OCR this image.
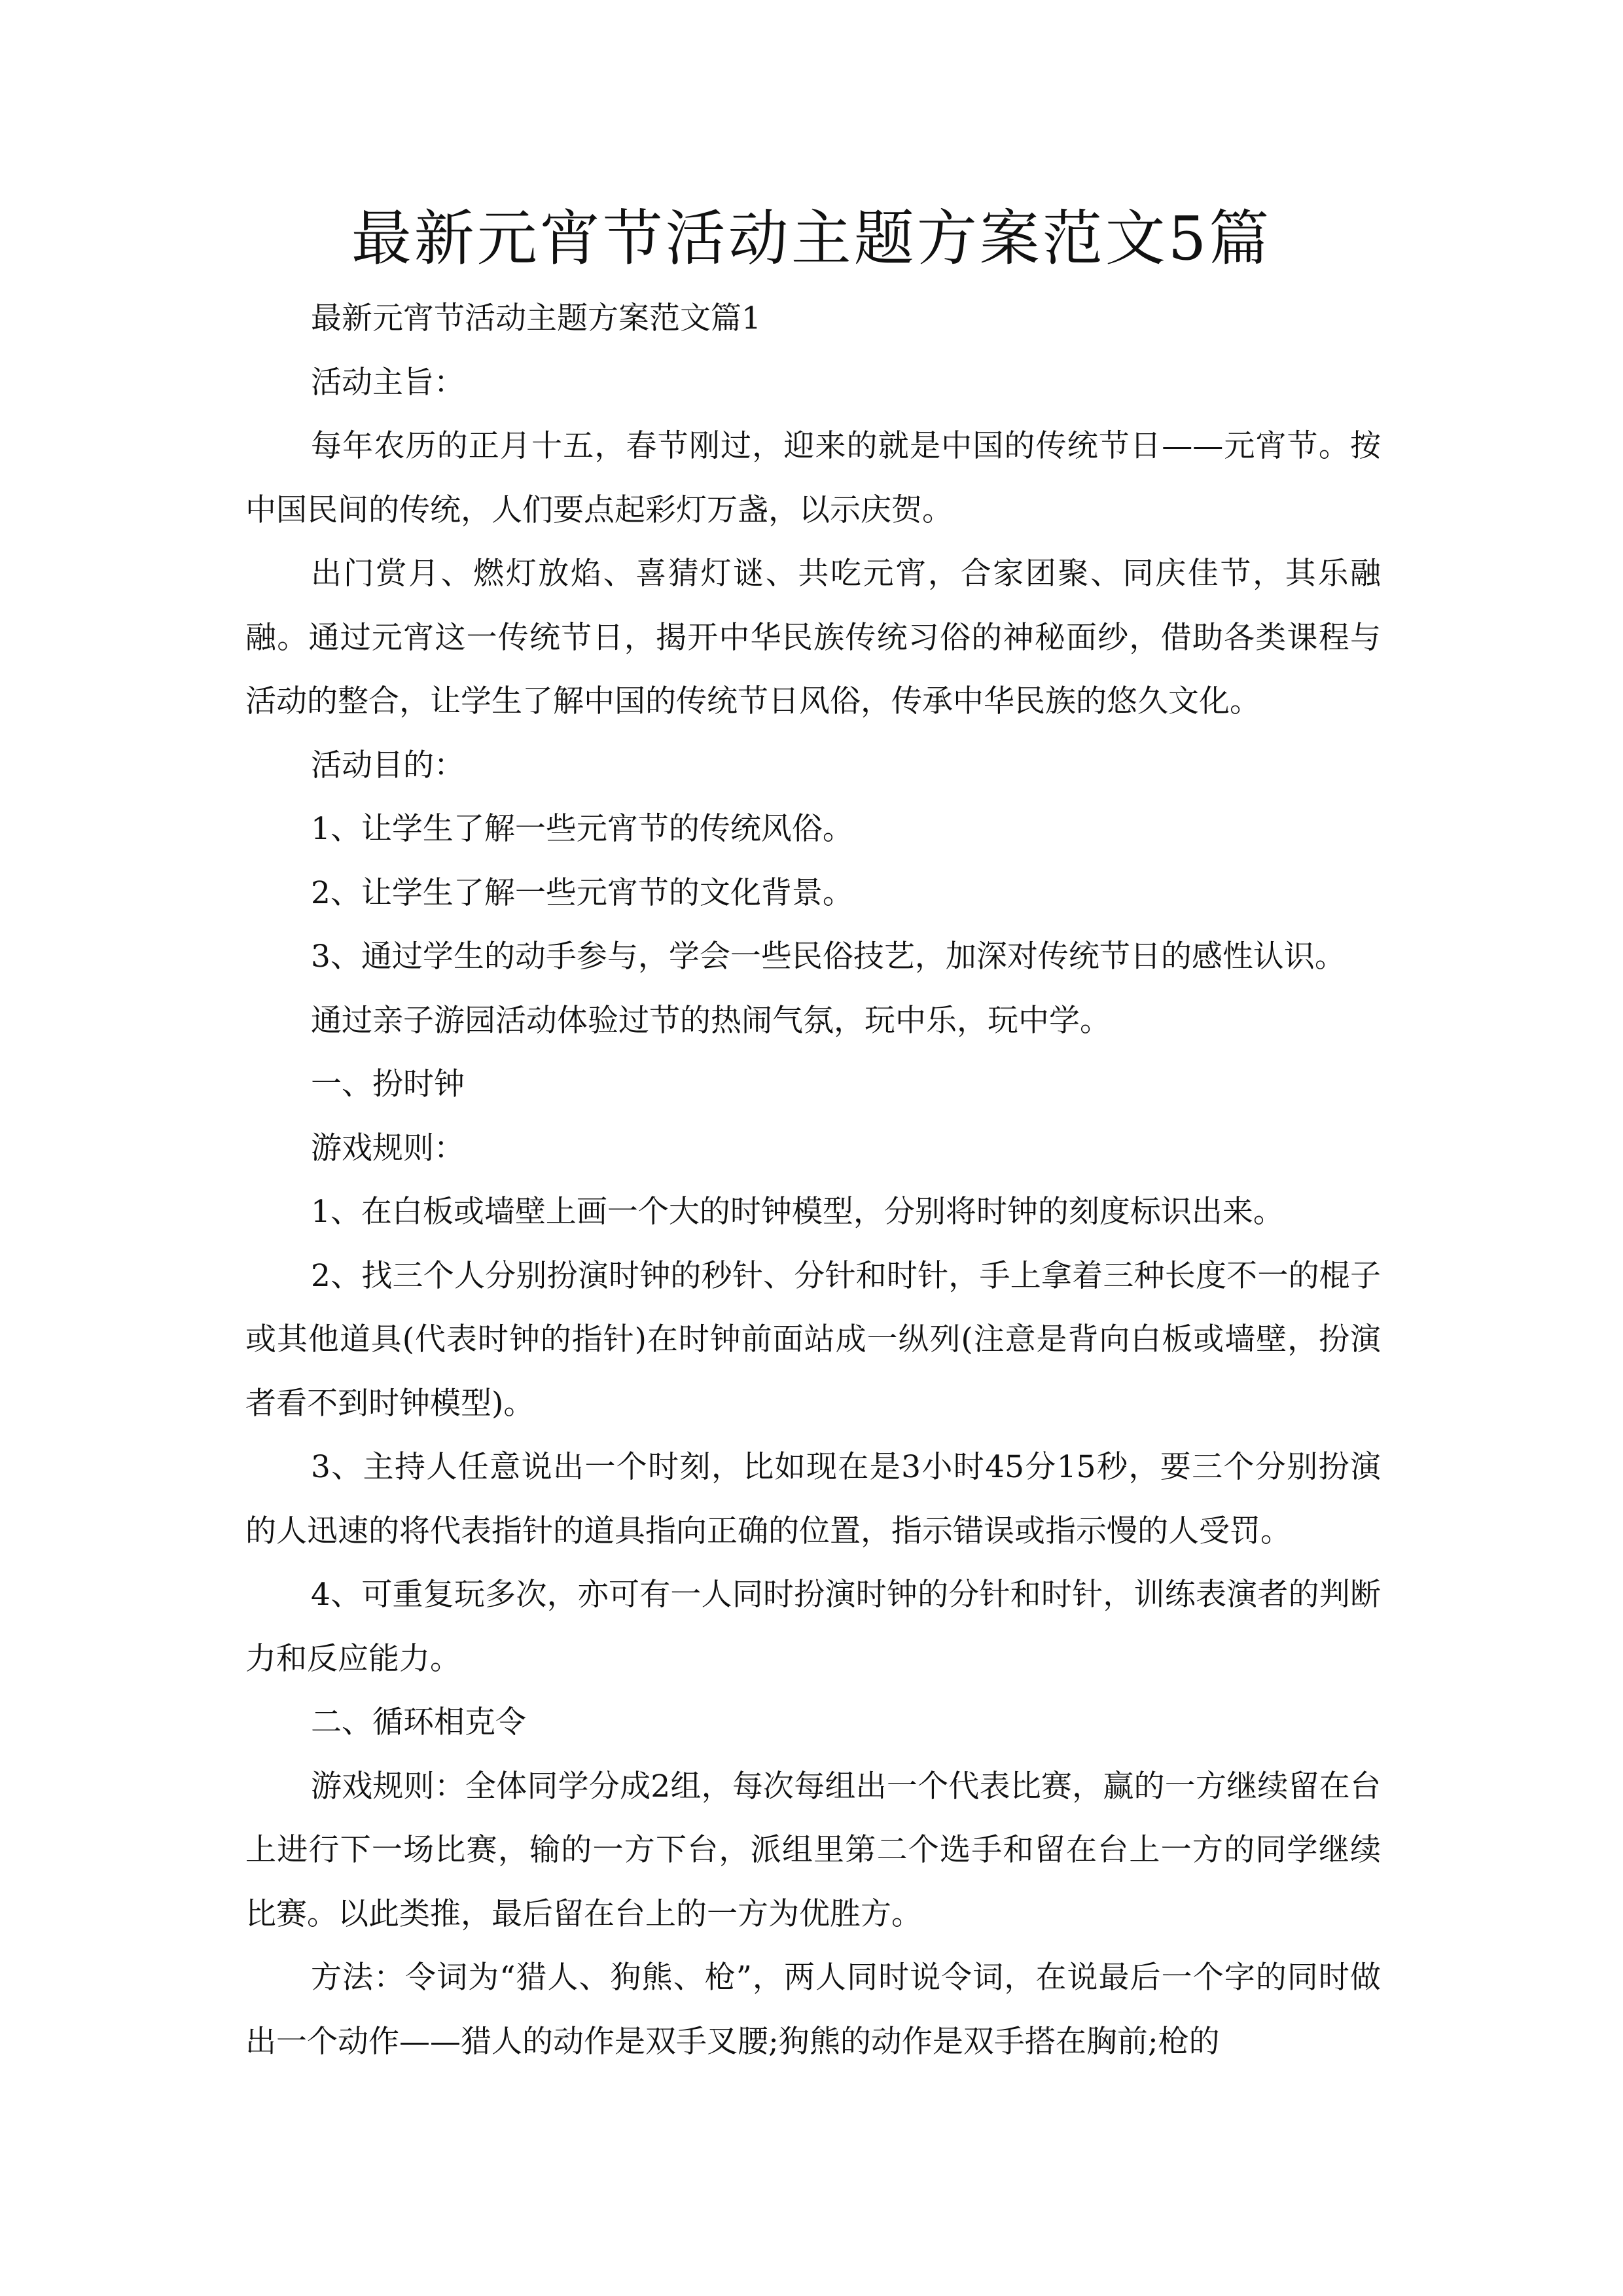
最新元宵节活动主题方案范文5篇

最新元宵节活动主题方案范文篇1

活动主旨：

每年农历的正月十五，春节刚过，迎来的就是中国的传统节日——元宵节。按中国民间的传统，人们要点起彩灯万盏，以示庆贺。

出门赏月、燃灯放焰、喜猜灯谜、共吃元宵，合家团聚、同庆佳节，其乐融融。通过元宵这一传统节日，揭开中华民族传统习俗的神秘面纱，借助各类课程与活动的整合，让学生了解中国的传统节日风俗，传承中华民族的悠久文化。

活动目的：

1、让学生了解一些元宵节的传统风俗。

2、让学生了解一些元宵节的文化背景。

3、通过学生的动手参与，学会一些民俗技艺，加深对传统节日的感性认识。

通过亲子游园活动体验过节的热闹气氛，玩中乐，玩中学。

一、扮时钟

游戏规则：

1、在白板或墙壁上画一个大的时钟模型，分别将时钟的刻度标识出来。

2、找三个人分别扮演时钟的秒针、分针和时针，手上拿着三种长度不一的棍子或其他道具(代表时钟的指针)在时钟前面站成一纵列(注意是背向白板或墙壁，扮演者看不到时钟模型)。

3、主持人任意说出一个时刻，比如现在是3小时45分15秒，要三个分别扮演的人迅速的将代表指针的道具指向正确的位置，指示错误或指示慢的人受罚。

4、可重复玩多次，亦可有一人同时扮演时钟的分针和时针，训练表演者的判断力和反应能力。

二、循环相克令

游戏规则：全体同学分成2组，每次每组出一个代表比赛，赢的一方继续留在台上进行下一场比赛，输的一方下台，派组里第二个选手和留在台上一方的同学继续比赛。以此类推，最后留在台上的一方为优胜方。

方法：令词为“猎人、狗熊、枪”，两人同时说令词，在说最后一个字的同时做出一个动作——猎人的动作是双手叉腰;狗熊的动作是双手搭在胸前;枪的
